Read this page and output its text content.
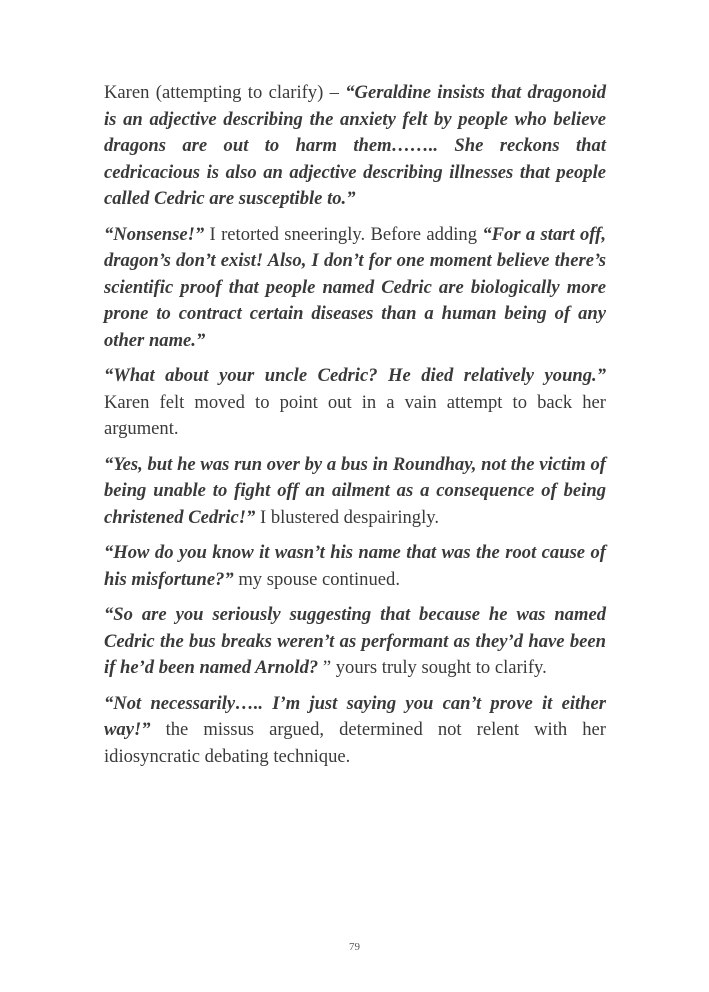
Karen (attempting to clarify) – “Geraldine insists that dragonoid is an adjective describing the anxiety felt by people who believe dragons are out to harm them…….. She reckons that cedricacious is also an adjective describing illnesses that people called Cedric are susceptible to.”

“Nonsense!” I retorted sneeringly. Before adding “For a start off, dragon’s don’t exist! Also, I don’t for one moment believe there’s scientific proof that people named Cedric are biologically more prone to contract certain diseases than a human being of any other name.”

“What about your uncle Cedric? He died relatively young.” Karen felt moved to point out in a vain attempt to back her argument.

“Yes, but he was run over by a bus in Roundhay, not the victim of being unable to fight off an ailment as a consequence of being christened Cedric!” I blustered despairingly.

“How do you know it wasn’t his name that was the root cause of his misfortune?” my spouse continued.

“So are you seriously suggesting that because he was named Cedric the bus breaks weren’t as performant as they’d have been if he’d been named Arnold? ” yours truly sought to clarify.

“Not necessarily….. I’m just saying you can’t prove it either way!” the missus argued, determined not relent with her idiosyncratic debating technique.

79
